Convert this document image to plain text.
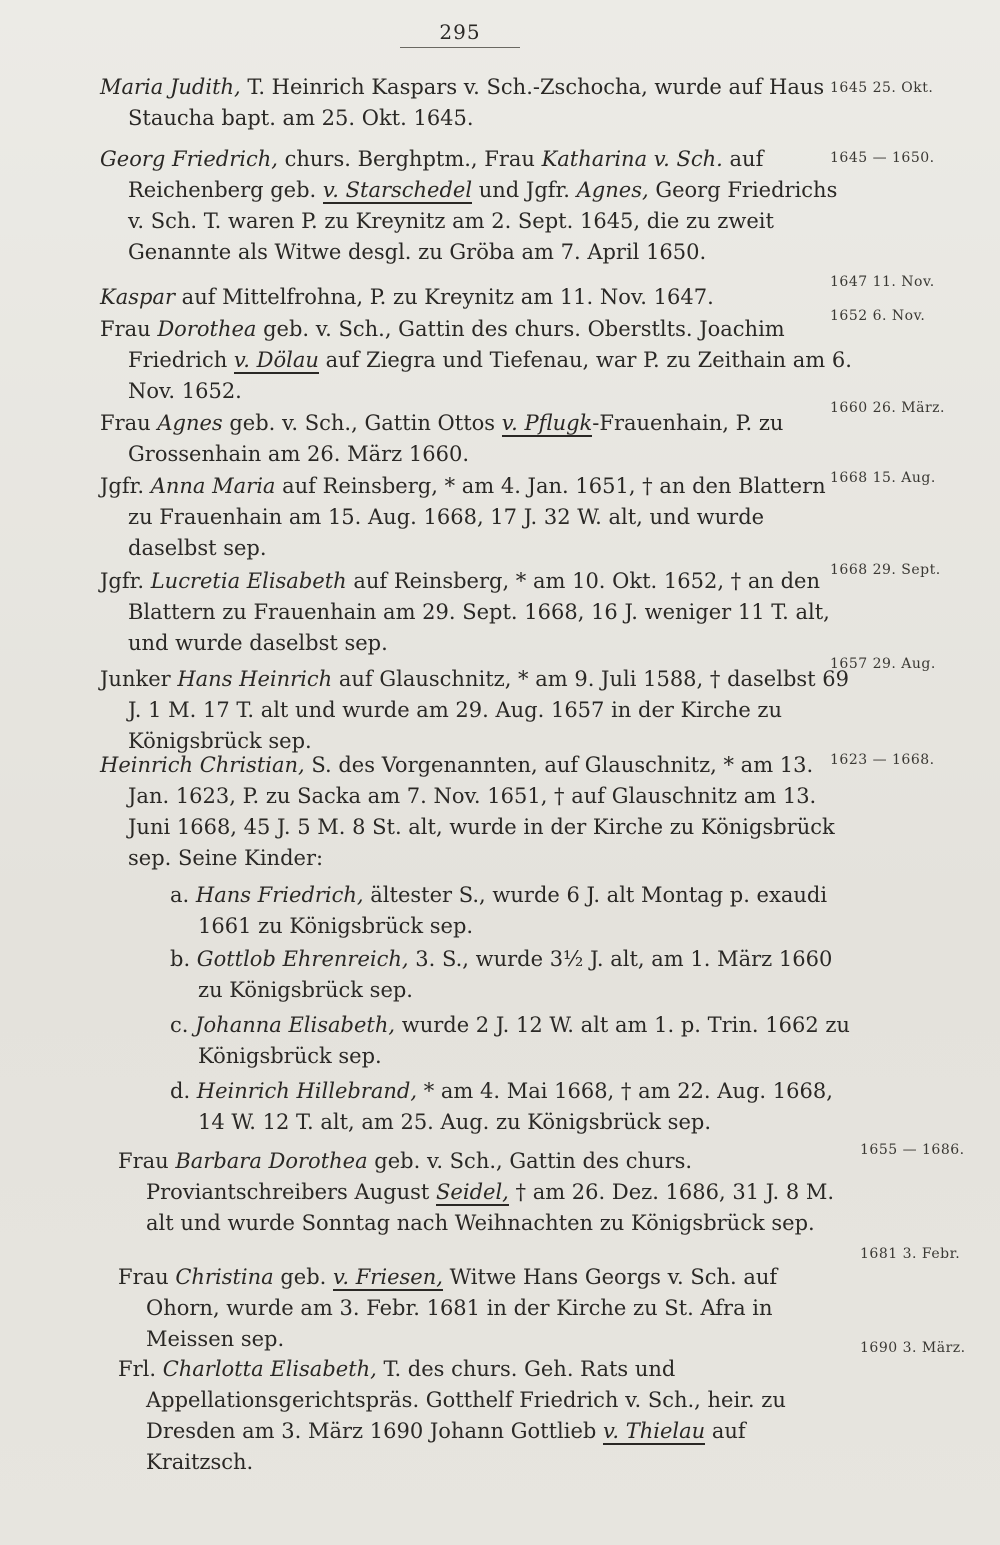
295
Maria Judith, T. Heinrich Kaspars v. Sch.-Zschocha, wurde auf Haus Staucha bapt. am 25. Okt. 1645.
1645 25. Okt.
Georg Friedrich, churs. Berghptm., Frau Katharina v. Sch. auf Reichenberg geb. v. Starschedel und Jgfr. Agnes, Georg Friedrichs v. Sch. T. waren P. zu Kreynitz am 2. Sept. 1645, die zu zweit Genannte als Witwe desgl. zu Gröba am 7. April 1650.
1645 — 1650.
Kaspar auf Mittelfrohna, P. zu Kreynitz am 11. Nov. 1647.
1647 11. Nov.
Frau Dorothea geb. v. Sch., Gattin des churs. Oberstlts. Joachim Friedrich v. Dölau auf Ziegra und Tiefenau, war P. zu Zeithain am 6. Nov. 1652.
1652 6. Nov.
Frau Agnes geb. v. Sch., Gattin Ottos v. Pflugk-Frauenhain, P. zu Grossenhain am 26. März 1660.
1660 26. März.
Jgfr. Anna Maria auf Reinsberg, * am 4. Jan. 1651, † an den Blattern zu Frauenhain am 15. Aug. 1668, 17 J. 32 W. alt, und wurde daselbst sep.
1668 15. Aug.
Jgfr. Lucretia Elisabeth auf Reinsberg, * am 10. Okt. 1652, † an den Blattern zu Frauenhain am 29. Sept. 1668, 16 J. weniger 11 T. alt, und wurde daselbst sep.
1668 29. Sept.
Junker Hans Heinrich auf Glauschnitz, * am 9. Juli 1588, † daselbst 69 J. 1 M. 17 T. alt und wurde am 29. Aug. 1657 in der Kirche zu Königsbrück sep.
1657 29. Aug.
Heinrich Christian, S. des Vorgenannten, auf Glauschnitz, * am 13. Jan. 1623, P. zu Sacka am 7. Nov. 1651, † auf Glauschnitz am 13. Juni 1668, 45 J. 5 M. 8 St. alt, wurde in der Kirche zu Königsbrück sep. Seine Kinder:
1623 — 1668.
a. Hans Friedrich, ältester S., wurde 6 J. alt Montag p. exaudi 1661 zu Königsbrück sep.
b. Gottlob Ehrenreich, 3. S., wurde 3½ J. alt, am 1. März 1660 zu Königsbrück sep.
c. Johanna Elisabeth, wurde 2 J. 12 W. alt am 1. p. Trin. 1662 zu Königsbrück sep.
d. Heinrich Hillebrand, * am 4. Mai 1668, † am 22. Aug. 1668, 14 W. 12 T. alt, am 25. Aug. zu Königsbrück sep.
Frau Barbara Dorothea geb. v. Sch., Gattin des churs. Proviantschreibers August Seidel, † am 26. Dez. 1686, 31 J. 8 M. alt und wurde Sonntag nach Weihnachten zu Königsbrück sep.
1655 — 1686.
Frau Christina geb. v. Friesen, Witwe Hans Georgs v. Sch. auf Ohorn, wurde am 3. Febr. 1681 in der Kirche zu St. Afra in Meissen sep.
1681 3. Febr.
Frl. Charlotta Elisabeth, T. des churs. Geh. Rats und Appellationsgerichtspräs. Gotthelf Friedrich v. Sch., heir. zu Dresden am 3. März 1690 Johann Gottlieb v. Thielau auf Kraitzsch.
1690 3. März.
